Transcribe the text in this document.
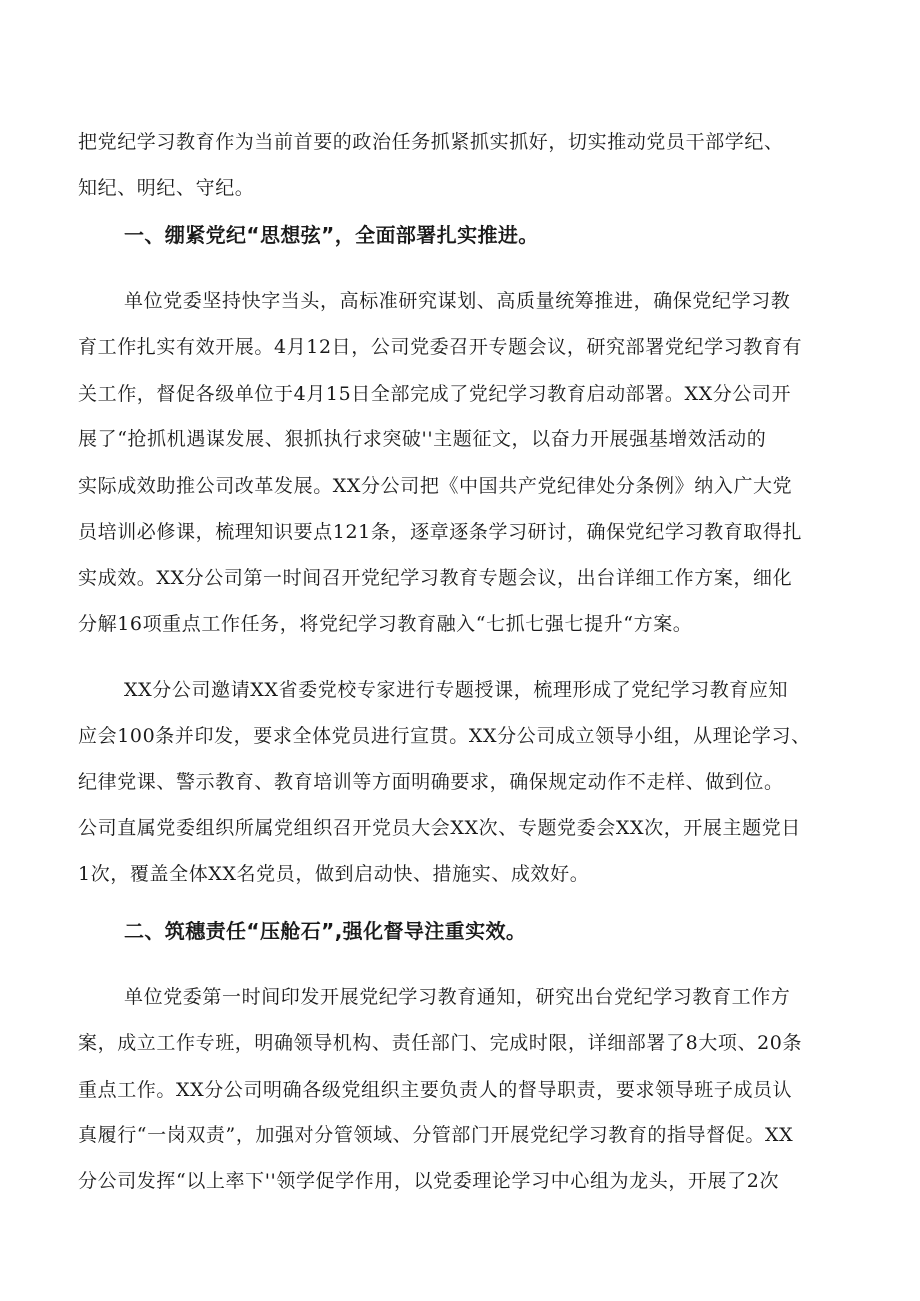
把党纪学习教育作为当前首要的政治任务抓紧抓实抓好，切实推动党员干部学纪、
知纪、明纪、守纪。
一、绷紧党纪“思想弦”，全面部署扎实推进。
单位党委坚持快字当头，高标准研究谋划、高质量统筹推进，确保党纪学习教
育工作扎实有效开展。4月12日，公司党委召开专题会议，研究部署党纪学习教育有
关工作，督促各级单位于4月15日全部完成了党纪学习教育启动部署。XX分公司开
展了“抢抓机遇谋发展、狠抓执行求突破''主题征文，以奋力开展强基增效活动的
实际成效助推公司改革发展。XX分公司把《中国共产党纪律处分条例》纳入广大党
员培训必修课，梳理知识要点121条，逐章逐条学习研讨，确保党纪学习教育取得扎
实成效。XX分公司第一时间召开党纪学习教育专题会议，出台详细工作方案，细化
分解16项重点工作任务，将党纪学习教育融入“七抓七强七提升“方案。
XX分公司邀请XX省委党校专家进行专题授课，梳理形成了党纪学习教育应知
应会100条并印发，要求全体党员进行宣贯。XX分公司成立领导小组，从理论学习、
纪律党课、警示教育、教育培训等方面明确要求，确保规定动作不走样、做到位。
公司直属党委组织所属党组织召开党员大会XX次、专题党委会XX次，开展主题党日
1次，覆盖全体XX名党员，做到启动快、措施实、成效好。
二、筑穗责任“压舱石”,强化督导注重实效。
单位党委第一时间印发开展党纪学习教育通知，研究出台党纪学习教育工作方
案，成立工作专班，明确领导机构、责任部门、完成时限，详细部署了8大项、20条
重点工作。XX分公司明确各级党组织主要负责人的督导职责，要求领导班子成员认
真履行“一岗双责”，加强对分管领域、分管部门开展党纪学习教育的指导督促。XX
分公司发挥“以上率下''领学促学作用，以党委理论学习中心组为龙头，开展了2次
